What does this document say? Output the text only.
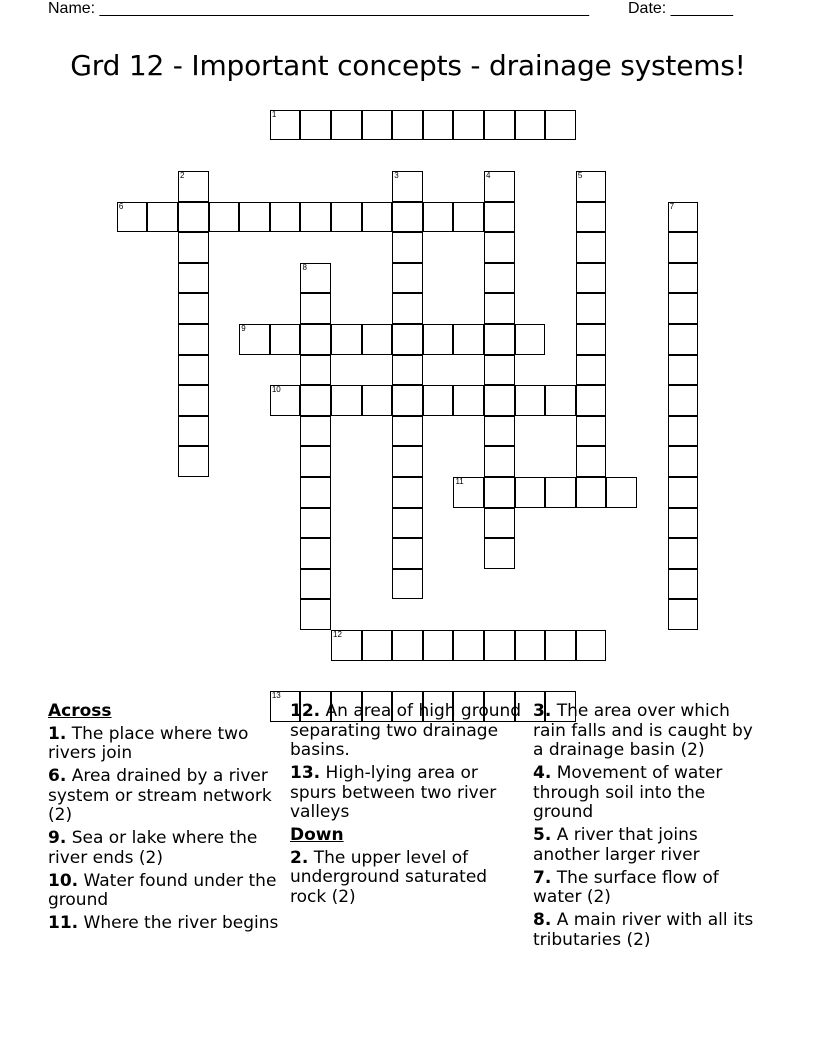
Name: _______________________________________________________ Date: _______
Grd 12 - Important concepts - drainage systems!
1
2	3	4	5
6	7
8
9
10
11
12
13
Across
1. The place where two rivers join
6. Area drained by a river system or stream network (2)
9. Sea or lake where the river ends (2)
10. Water found under the ground
11. Where the river begins
12. An area of high ground separating two drainage basins.
13. High-lying area or spurs between two river valleys
Down
2. The upper level of underground saturated rock (2)
3. The area over which rain falls and is caught by a drainage basin (2)
4. Movement of water through soil into the ground
5. A river that joins another larger river
7. The surface flow of water (2)
8. A main river with all its tributaries (2)
